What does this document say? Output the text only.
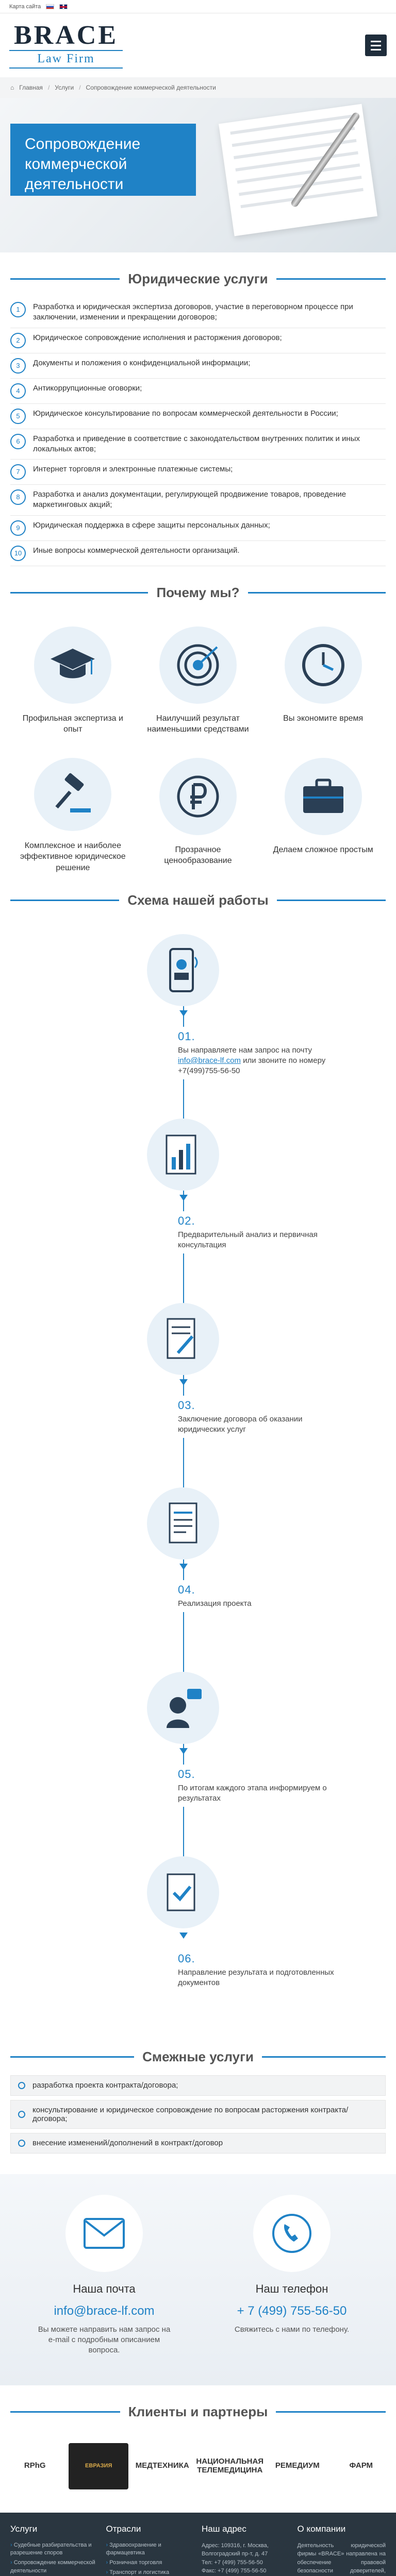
Карта сайта
BRACE
Law Firm
⌂ Главная / Услуги / Сопровождение коммерческой деятельности
Сопровождение коммерческой деятельности
Юридические услуги
1	Разработка и юридическая экспертиза договоров, участие в переговорном процессе при заключении, изменении и прекращении договоров;
2	Юридическое сопровождение исполнения и расторжения договоров;
3	Документы и положения о конфиденциальной информации;
4	Антикоррупционные оговорки;
5	Юридическое консультирование по вопросам коммерческой деятельности в России;
6	Разработка и приведение в соответствие с законодательством внутренних политик и иных локальных актов;
7	Интернет торговля и электронные платежные системы;
8	Разработка и анализ документации, регулирующей продвижение товаров, проведение маркетинговых акций;
9	Юридическая поддержка в сфере защиты персональных данных;
10	Иные вопросы коммерческой деятельности организаций.
Почему мы?
Профильная экспертиза и опыт
Наилучший результат наименьшими средствами
Вы экономите время
Комплексное и наиболее эффективное юридическое решение
Прозрачное ценообразование
Делаем сложное простым
Схема нашей работы
01.
Вы направляете нам запрос на почту info@brace-lf.com или звоните по номеру +7(499)755-56-50
02.
Предварительный анализ и первичная консультация
03.
Заключение договора об оказании юридических услуг
04.
Реализация проекта
05.
По итогам каждого этапа информируем о результатах
06.
Направление результата и подготовленных документов
Смежные услуги
разработка проекта контракта/договора;
консультирование и юридическое сопровождение по вопросам расторжения контракта/ договора;
внесение изменений/дополнений в контракт/договор
Наша почта
info@brace-lf.com
Вы можете направить нам запрос на e-mail с подробным описанием вопроса.
Наш телефон
+ 7 (499) 755-56-50
Свяжитесь с нами по телефону.
Клиенты и партнеры
RPhG	ЕВРАЗИЯ	МЕДТЕХНИКА НАЦИОНАЛЬНАЯ ТЕЛЕМЕДИЦИНА	РЕМЕДИУМ	ФАРМ
Услуги
› Судебные разбирательства и разрешение споров
› Сопровождение коммерческой деятельности
Отрасли
› Здравоохранение и фармацевтика
› Розничная торговля
› Транспорт и логистика
Наш адрес
Адрес: 109316, г. Москва, Волгоградский пр-т, д. 47
Тел: +7 (499) 755-56-50
Факс: +7 (499) 755-56-50

О компании
Деятельность юридической фирмы «BRACE» направлена на обеспечение правовой безопасности доверителей,
